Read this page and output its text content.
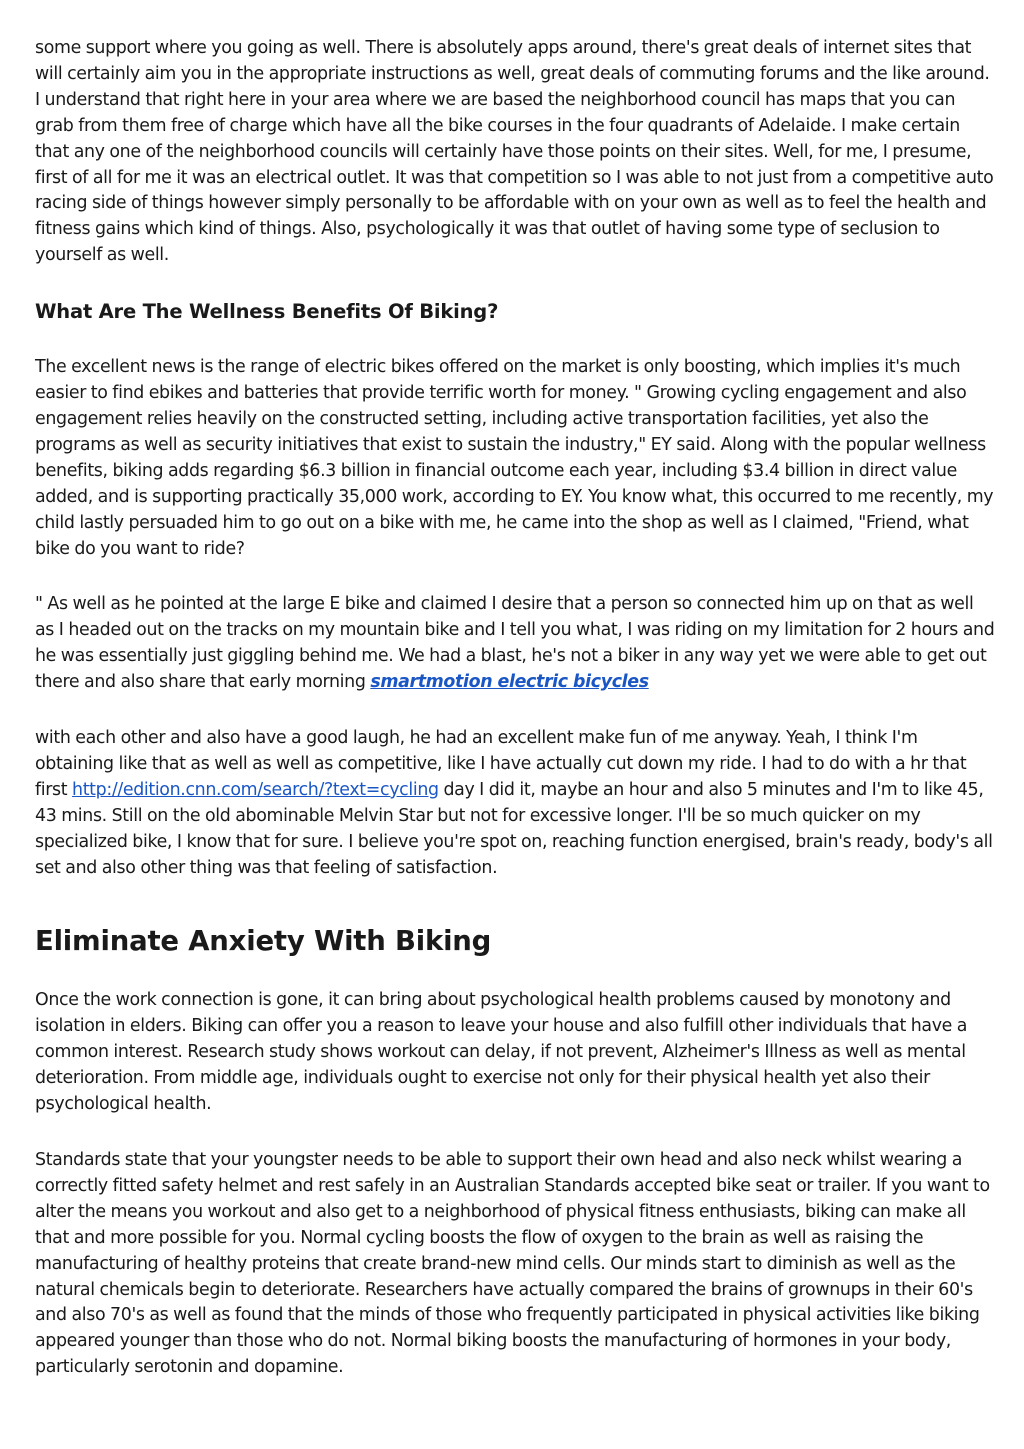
some support where you going as well. There is absolutely apps around, there's great deals of internet sites that will certainly aim you in the appropriate instructions as well, great deals of commuting forums and the like around. I understand that right here in your area where we are based the neighborhood council has maps that you can grab from them free of charge which have all the bike courses in the four quadrants of Adelaide. I make certain that any one of the neighborhood councils will certainly have those points on their sites. Well, for me, I presume, first of all for me it was an electrical outlet. It was that competition so I was able to not just from a competitive auto racing side of things however simply personally to be affordable with on your own as well as to feel the health and fitness gains which kind of things. Also, psychologically it was that outlet of having some type of seclusion to yourself as well.

What Are The Wellness Benefits Of Biking?

The excellent news is the range of electric bikes offered on the market is only boosting, which implies it's much easier to find ebikes and batteries that provide terrific worth for money. " Growing cycling engagement and also engagement relies heavily on the constructed setting, including active transportation facilities, yet also the programs as well as security initiatives that exist to sustain the industry," EY said. Along with the popular wellness benefits, biking adds regarding $6.3 billion in financial outcome each year, including $3.4 billion in direct value added, and is supporting practically 35,000 work, according to EY. You know what, this occurred to me recently, my child lastly persuaded him to go out on a bike with me, he came into the shop as well as I claimed, "Friend, what bike do you want to ride?

" As well as he pointed at the large E bike and claimed I desire that a person so connected him up on that as well as I headed out on the tracks on my mountain bike and I tell you what, I was riding on my limitation for 2 hours and he was essentially just giggling behind me. We had a blast, he's not a biker in any way yet we were able to get out there and also share that early morning smartmotion electric bicycles

with each other and also have a good laugh, he had an excellent make fun of me anyway. Yeah, I think I'm obtaining like that as well as well as competitive, like I have actually cut down my ride. I had to do with a hr that first http://edition.cnn.com/search/?text=cycling day I did it, maybe an hour and also 5 minutes and I'm to like 45, 43 mins. Still on the old abominable Melvin Star but not for excessive longer. I'll be so much quicker on my specialized bike, I know that for sure. I believe you're spot on, reaching function energised, brain's ready, body's all set and also other thing was that feeling of satisfaction.

Eliminate Anxiety With Biking

Once the work connection is gone, it can bring about psychological health problems caused by monotony and isolation in elders. Biking can offer you a reason to leave your house and also fulfill other individuals that have a common interest. Research study shows workout can delay, if not prevent, Alzheimer's Illness as well as mental deterioration. From middle age, individuals ought to exercise not only for their physical health yet also their psychological health.

Standards state that your youngster needs to be able to support their own head and also neck whilst wearing a correctly fitted safety helmet and rest safely in an Australian Standards accepted bike seat or trailer. If you want to alter the means you workout and also get to a neighborhood of physical fitness enthusiasts, biking can make all that and more possible for you. Normal cycling boosts the flow of oxygen to the brain as well as raising the manufacturing of healthy proteins that create brand-new mind cells. Our minds start to diminish as well as the natural chemicals begin to deteriorate. Researchers have actually compared the brains of grownups in their 60's and also 70's as well as found that the minds of those who frequently participated in physical activities like biking appeared younger than those who do not. Normal biking boosts the manufacturing of hormones in your body, particularly serotonin and dopamine.
